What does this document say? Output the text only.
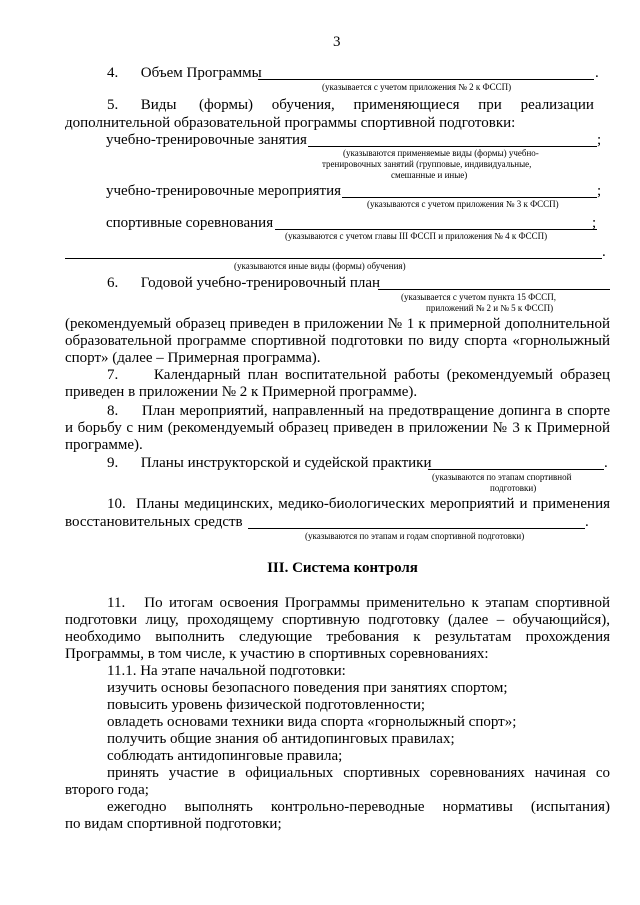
3
4.      Объем Программы	.
(указывается с учетом приложения № 2 к ФССП)
5.      Виды      (формы)     обучения,     применяющиеся     при     реализации
дополнительной образовательной программы спортивной подготовки:
учебно-тренировочные занятия	;
(указываются применяемые виды (формы) учебно-
тренировочных занятий (групповые, индивидуальные,
смешанные и иные)
учебно-тренировочные мероприятия	;
(указываются с учетом приложения № 3 к ФССП)
спортивные соревнования	;
(указываются с учетом главы III ФССП и приложения № 4 к ФССП)
.
(указываются иные виды (формы) обучения)
6.      Годовой учебно-тренировочный план
(указывается с учетом пункта 15 ФССП,
приложений № 2 и № 5 к ФССП)
(рекомендуемый образец приведен в приложении № 1 к примерной дополнительной
образовательной программе спортивной подготовки по виду спорта «горнолыжный
спорт» (далее – Примерная программа).
7.     Календарный план воспитательной работы (рекомендуемый образец
приведен в приложении № 2 к Примерной программе).
8.     План мероприятий, направленный на предотвращение допинга в спорте
и борьбу с ним (рекомендуемый образец приведен в приложении № 3 к Примерной
программе).
9.      Планы инструкторской и судейской практики	.
(указываются по этапам спортивной
подготовки)
10.  Планы медицинских, медико-биологических мероприятий и применения
восстановительных средств	.
(указываются по этапам и годам спортивной подготовки)
III. Система контроля
11.   По итогам освоения Программы применительно к этапам спортивной
подготовки лицу, проходящему спортивную подготовку (далее – обучающийся),
необходимо выполнить следующие требования к результатам прохождения
Программы, в том числе, к участию в спортивных соревнованиях:
11.1. На этапе начальной подготовки:
изучить основы безопасного поведения при занятиях спортом;
повысить уровень физической подготовленности;
овладеть основами техники вида спорта «горнолыжный спорт»;
получить общие знания об антидопинговых правилах;
соблюдать антидопинговые правила;
принять  участие  в  официальных  спортивных  соревнованиях  начиная  со
второго года;
ежегодно    выполнять    контрольно-переводные    нормативы    (испытания)
по видам спортивной подготовки;
